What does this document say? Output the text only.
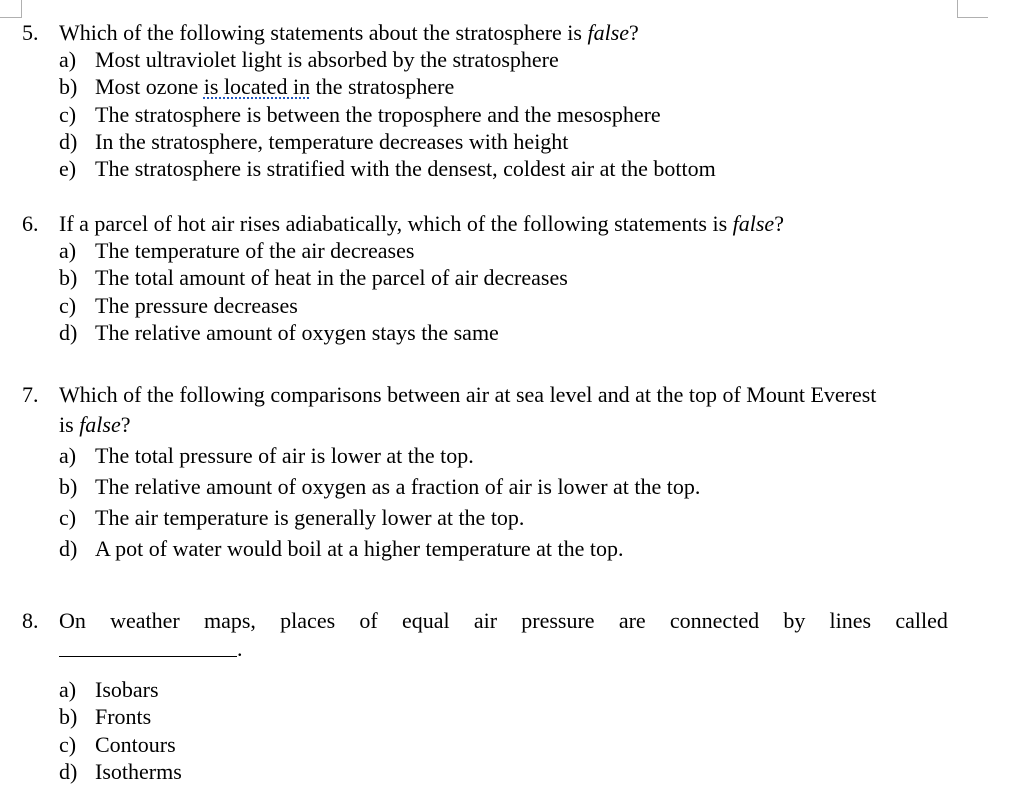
5. Which of the following statements about the stratosphere is false?
a) Most ultraviolet light is absorbed by the stratosphere
b) Most ozone is located in the stratosphere
c) The stratosphere is between the troposphere and the mesosphere
d) In the stratosphere, temperature decreases with height
e) The stratosphere is stratified with the densest, coldest air at the bottom
6. If a parcel of hot air rises adiabatically, which of the following statements is false?
a) The temperature of the air decreases
b) The total amount of heat in the parcel of air decreases
c) The pressure decreases
d) The relative amount of oxygen stays the same
7. Which of the following comparisons between air at sea level and at the top of Mount Everest
is false?
a) The total pressure of air is lower at the top.
b) The relative amount of oxygen as a fraction of air is lower at the top.
c) The air temperature is generally lower at the top.
d) A pot of water would boil at a higher temperature at the top.
8. On weather maps, places of equal air pressure are connected by lines called
.
a) Isobars
b) Fronts
c) Contours
d) Isotherms
